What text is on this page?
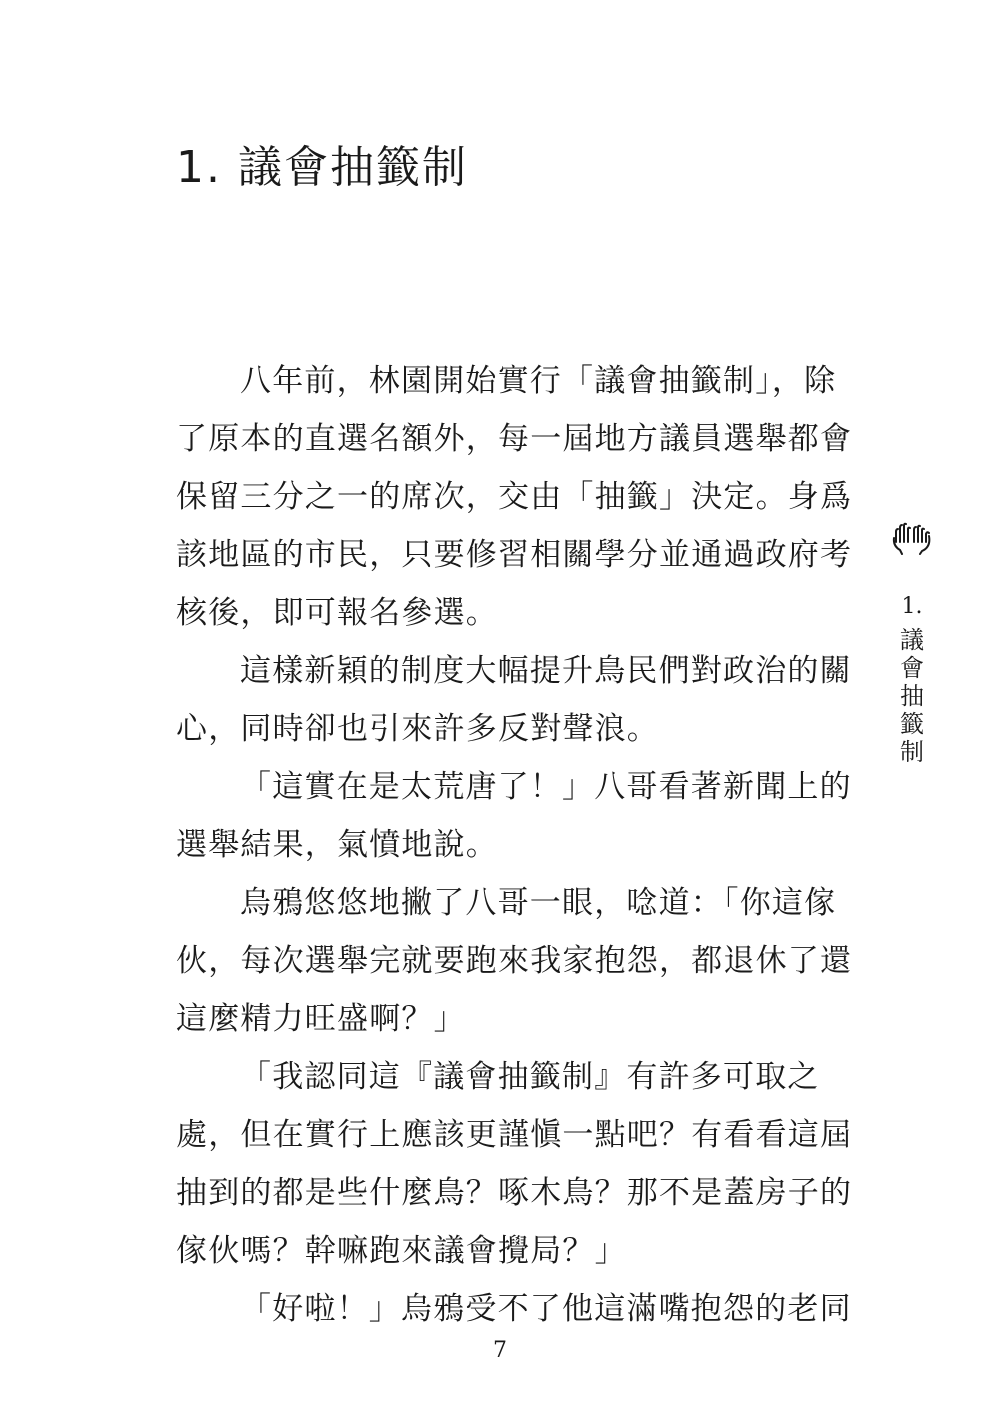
1. 議會抽籤制
八年前，林園開始實行「議會抽籤制」，除
了原本的直選名額外，每一屆地方議員選舉都會
保留三分之一的席次，交由「抽籤」決定。身爲
該地區的市民，只要修習相關學分並通過政府考
核後，即可報名參選。
這樣新穎的制度大幅提升鳥民們對政治的關
心，同時卻也引來許多反對聲浪。
「這實在是太荒唐了！」八哥看著新聞上的
選舉結果，氣憤地說。
烏鴉悠悠地撇了八哥一眼，唸道：「你這傢
伙，每次選舉完就要跑來我家抱怨，都退休了還
這麼精力旺盛啊？」
「我認同這『議會抽籤制』有許多可取之
處，但在實行上應該更謹愼一點吧？有看看這屆
抽到的都是些什麼鳥？啄木鳥？那不是蓋房子的
傢伙嗎？幹嘛跑來議會攪局？」
「好啦！」烏鴉受不了他這滿嘴抱怨的老同
1.
議會抽籤制
7
